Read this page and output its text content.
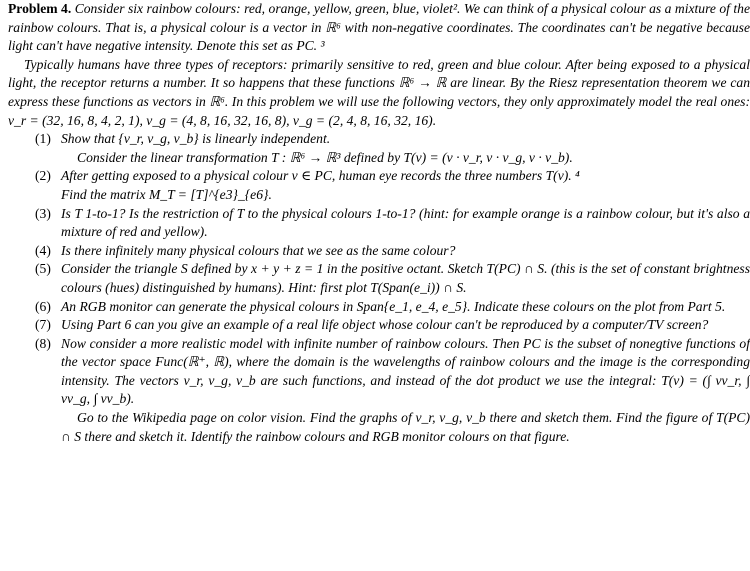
Problem 4. Consider six rainbow colours: red, orange, yellow, green, blue, violet². We can think of a physical colour as a mixture of the rainbow colours. That is, a physical colour is a vector in ℝ⁶ with non-negative coordinates. The coordinates can't be negative because light can't have negative intensity. Denote this set as PC. ³
Typically humans have three types of receptors: primarily sensitive to red, green and blue colour. After being exposed to a physical light, the receptor returns a number. It so happens that these functions ℝ⁶ → ℝ are linear. By the Riesz representation theorem we can express these functions as vectors in ℝ⁶. In this problem we will use the following vectors, they only approximately model the real ones: v_r = (32, 16, 8, 4, 2, 1), v_g = (4, 8, 16, 32, 16, 8), v_g = (2, 4, 8, 16, 32, 16).
(1) Show that {v_r, v_g, v_b} is linearly independent.
Consider the linear transformation T : ℝ⁶ → ℝ³ defined by T(v) = (v · v_r, v · v_g, v · v_b).
(2) After getting exposed to a physical colour v ∈ PC, human eye records the three numbers T(v). ⁴
Find the matrix M_T = [T]^{e3}_{e6}.
(3) Is T 1-to-1? Is the restriction of T to the physical colours 1-to-1? (hint: for example orange is a rainbow colour, but it's also a mixture of red and yellow).
(4) Is there infinitely many physical colours that we see as the same colour?
(5) Consider the triangle S defined by x + y + z = 1 in the positive octant. Sketch T(PC) ∩ S. (this is the set of constant brightness colours (hues) distinguished by humans). Hint: first plot T(Span(e_i)) ∩ S.
(6) An RGB monitor can generate the physical colours in Span{e_1, e_4, e_5}. Indicate these colours on the plot from Part 5.
(7) Using Part 6 can you give an example of a real life object whose colour can't be reproduced by a computer/TV screen?
(8) Now consider a more realistic model with infinite number of rainbow colours. Then PC is the subset of nonegtive functions of the vector space Func(ℝ⁺, ℝ), where the domain is the wavelengths of rainbow colours and the image is the corresponding intensity. The vectors v_r, v_g, v_b are such functions, and instead of the dot product we use the integral: T(v) = (∫ vv_r, ∫ vv_g, ∫ vv_b).
Go to the Wikipedia page on color vision. Find the graphs of v_r, v_g, v_b there and sketch them. Find the figure of T(PC) ∩ S there and sketch it. Identify the rainbow colours and RGB monitor colours on that figure.
